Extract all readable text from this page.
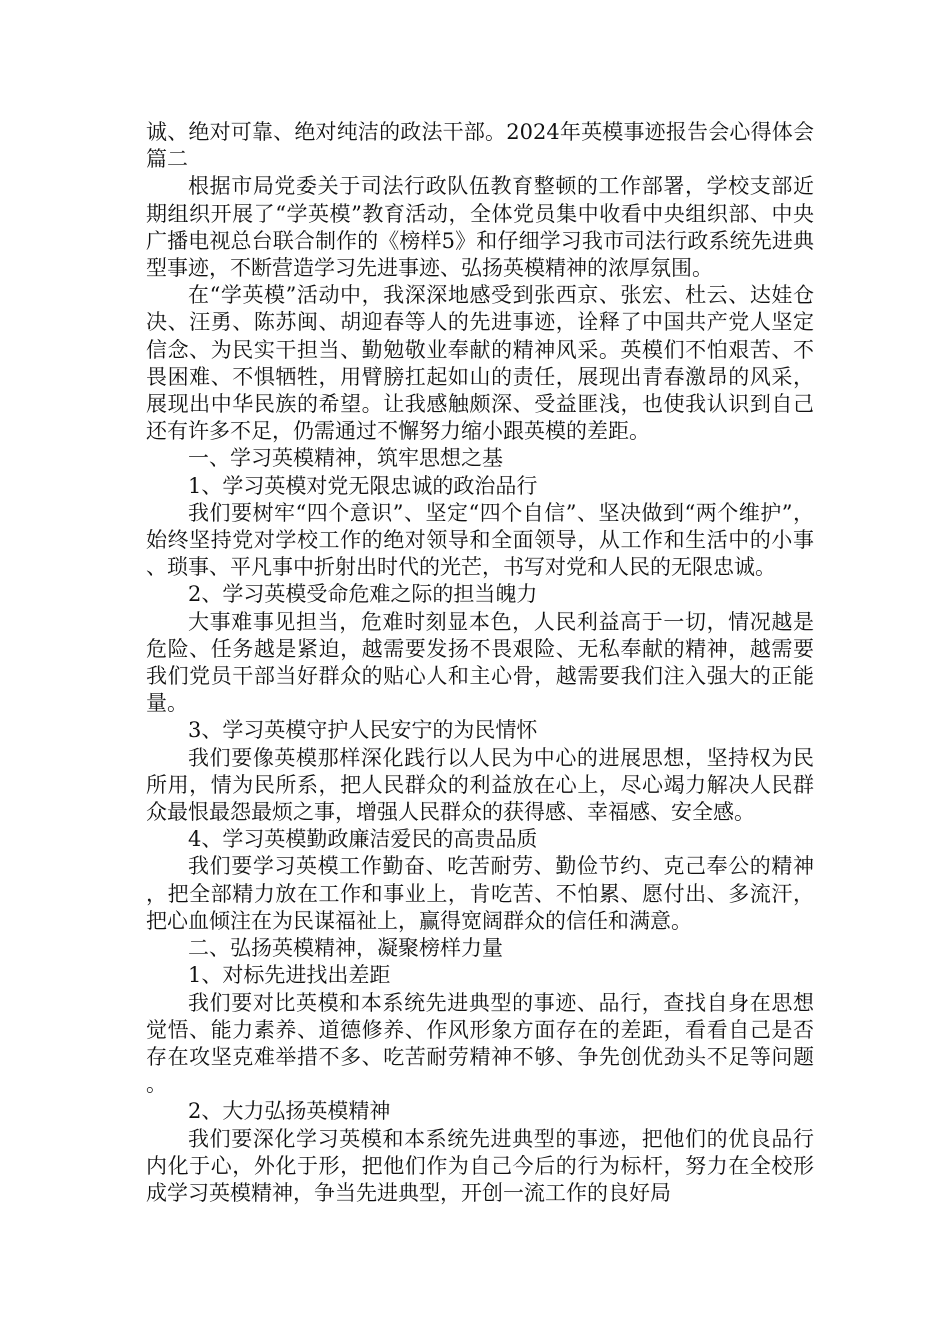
诚、绝对可靠、绝对纯洁的政法干部。2024年英模事迹报告会心得体会篇二

根据市局党委关于司法行政队伍教育整顿的工作部署，学校支部近期组织开展了“学英模”教育活动，全体党员集中收看中央组织部、中央广播电视总台联合制作的《榜样5》和仔细学习我市司法行政系统先进典型事迹，不断营造学习先进事迹、弘扬英模精神的浓厚氛围。

在“学英模”活动中，我深深地感受到张西京、张宏、杜云、达娃仓决、汪勇、陈苏闽、胡迎春等人的先进事迹，诠释了中国共产党人坚定信念、为民实干担当、勤勉敬业奉献的精神风采。英模们不怕艰苦、不畏困难、不惧牺牲，用臂膀扛起如山的责任，展现出青春激昂的风采，展现出中华民族的希望。让我感触颇深、受益匪浅，也使我认识到自己还有许多不足，仍需通过不懈努力缩小跟英模的差距。

一、学习英模精神，筑牢思想之基

1、学习英模对党无限忠诚的政治品行

我们要树牢“四个意识”、坚定“四个自信”、坚决做到“两个维护”，始终坚持党对学校工作的绝对领导和全面领导，从工作和生活中的小事、琐事、平凡事中折射出时代的光芒，书写对党和人民的无限忠诚。

2、学习英模受命危难之际的担当魄力

大事难事见担当，危难时刻显本色，人民利益高于一切，情况越是危险、任务越是紧迫，越需要发扬不畏艰险、无私奉献的精神，越需要我们党员干部当好群众的贴心人和主心骨，越需要我们注入强大的正能量。

3、学习英模守护人民安宁的为民情怀

我们要像英模那样深化践行以人民为中心的进展思想，坚持权为民所用，情为民所系，把人民群众的利益放在心上，尽心竭力解决人民群众最恨最怨最烦之事，增强人民群众的获得感、幸福感、安全感。

4、学习英模勤政廉洁爱民的高贵品质

我们要学习英模工作勤奋、吃苦耐劳、勤俭节约、克己奉公的精神，把全部精力放在工作和事业上，肯吃苦、不怕累、愿付出、多流汗，把心血倾注在为民谋福祉上，赢得宽阔群众的信任和满意。

二、弘扬英模精神，凝聚榜样力量

1、对标先进找出差距

我们要对比英模和本系统先进典型的事迹、品行，查找自身在思想觉悟、能力素养、道德修养、作风形象方面存在的差距，看看自己是否存在攻坚克难举措不多、吃苦耐劳精神不够、争先创优劲头不足等问题。

2、大力弘扬英模精神

我们要深化学习英模和本系统先进典型的事迹，把他们的优良品行内化于心，外化于形，把他们作为自己今后的行为标杆，努力在全校形成学习英模精神，争当先进典型，开创一流工作的良好局
